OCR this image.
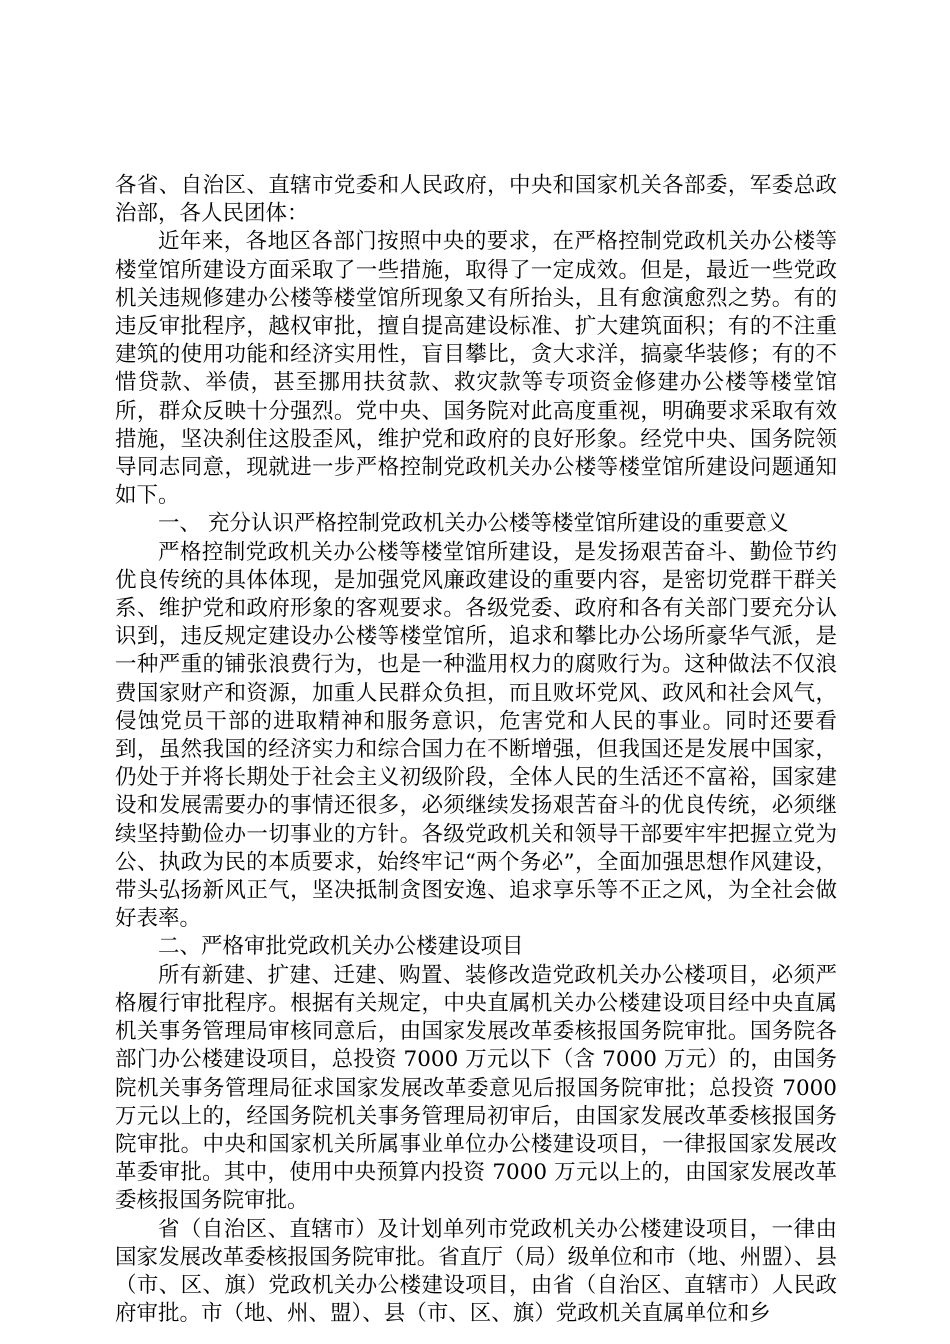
各省、自治区、直辖市党委和人民政府，中央和国家机关各部委，军委总政治部，各人民团体：

近年来，各地区各部门按照中央的要求，在严格控制党政机关办公楼等楼堂馆所建设方面采取了一些措施，取得了一定成效。但是，最近一些党政机关违规修建办公楼等楼堂馆所现象又有所抬头，且有愈演愈烈之势。有的违反审批程序，越权审批，擅自提高建设标准、扩大建筑面积；有的不注重建筑的使用功能和经济实用性，盲目攀比，贪大求洋，搞豪华装修；有的不惜贷款、举债，甚至挪用扶贫款、救灾款等专项资金修建办公楼等楼堂馆所，群众反映十分强烈。党中央、国务院对此高度重视，明确要求采取有效措施，坚决刹住这股歪风，维护党和政府的良好形象。经党中央、国务院领导同志同意，现就进一步严格控制党政机关办公楼等楼堂馆所建设问题通知如下。

一、 充分认识严格控制党政机关办公楼等楼堂馆所建设的重要意义

严格控制党政机关办公楼等楼堂馆所建设，是发扬艰苦奋斗、勤俭节约优良传统的具体体现，是加强党风廉政建设的重要内容，是密切党群干群关系、维护党和政府形象的客观要求。各级党委、政府和各有关部门要充分认识到，违反规定建设办公楼等楼堂馆所，追求和攀比办公场所豪华气派，是一种严重的铺张浪费行为，也是一种滥用权力的腐败行为。这种做法不仅浪费国家财产和资源，加重人民群众负担，而且败坏党风、政风和社会风气，侵蚀党员干部的进取精神和服务意识，危害党和人民的事业。同时还要看到，虽然我国的经济实力和综合国力在不断增强，但我国还是发展中国家，仍处于并将长期处于社会主义初级阶段，全体人民的生活还不富裕，国家建设和发展需要办的事情还很多，必须继续发扬艰苦奋斗的优良传统，必须继续坚持勤俭办一切事业的方针。各级党政机关和领导干部要牢牢把握立党为公、执政为民的本质要求，始终牢记“两个务必”，全面加强思想作风建设，带头弘扬新风正气，坚决抵制贪图安逸、追求享乐等不正之风，为全社会做好表率。

二、严格审批党政机关办公楼建设项目

所有新建、扩建、迁建、购置、装修改造党政机关办公楼项目，必须严格履行审批程序。根据有关规定，中央直属机关办公楼建设项目经中央直属机关事务管理局审核同意后，由国家发展改革委核报国务院审批。国务院各部门办公楼建设项目，总投资 7000 万元以下（含 7000 万元）的，由国务院机关事务管理局征求国家发展改革委意见后报国务院审批；总投资 7000 万元以上的，经国务院机关事务管理局初审后，由国家发展改革委核报国务院审批。中央和国家机关所属事业单位办公楼建设项目，一律报国家发展改革委审批。其中，使用中央预算内投资 7000 万元以上的，由国家发展改革委核报国务院审批。

省（自治区、直辖市）及计划单列市党政机关办公楼建设项目，一律由国家发展改革委核报国务院审批。省直厅（局）级单位和市（地、州盟）、县（市、区、旗）党政机关办公楼建设项目，由省（自治区、直辖市）人民政府审批。市（地、州、盟）、县（市、区、旗）党政机关直属单位和乡
